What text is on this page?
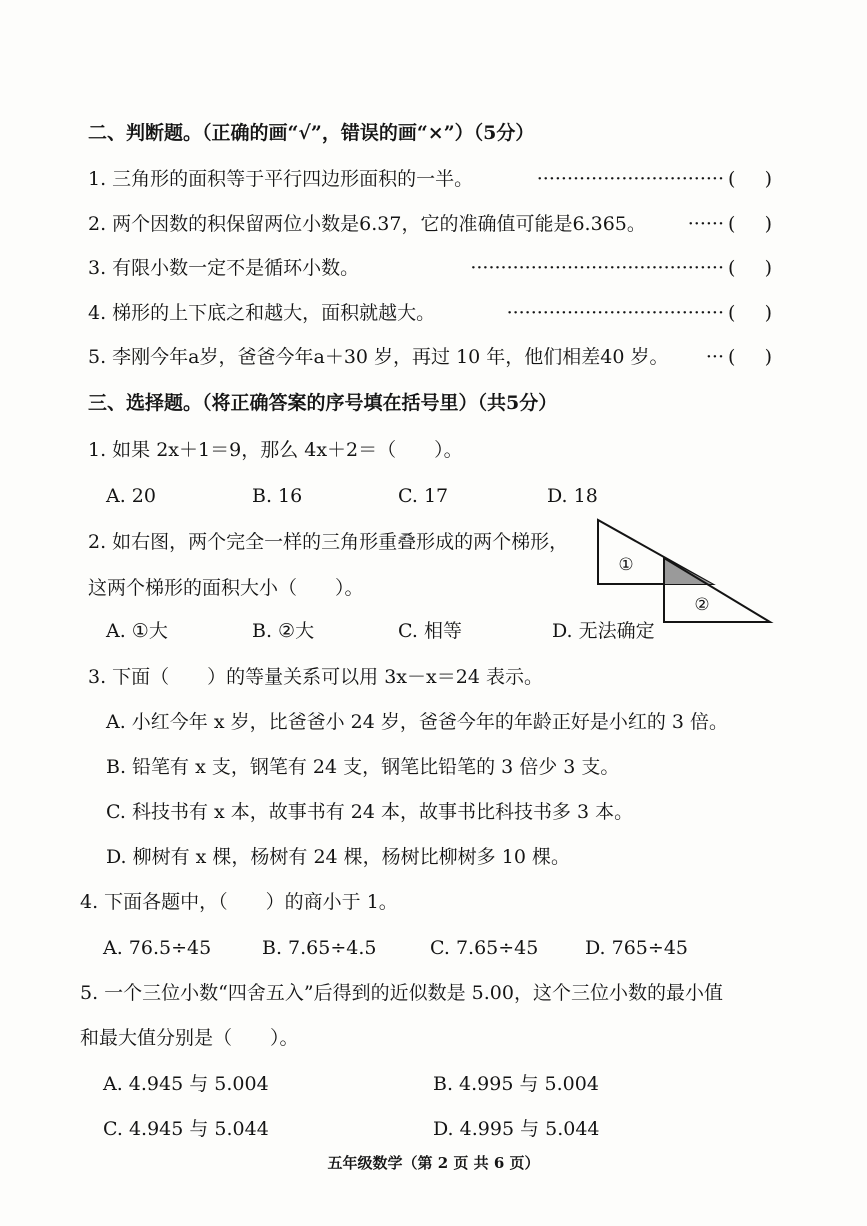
二、判断题。（正确的画“√”，错误的画“×”）（5分）
1. 三角形的面积等于平行四边形面积的一半。	······························· ( )
2. 两个因数的积保留两位小数是6.37，它的准确值可能是6.365。 ······ ( )
3. 有限小数一定不是循环小数。	·········································· ( )
4. 梯形的上下底之和越大，面积就越大。	···································· ( )
5. 李刚今年a岁，爸爸今年a＋30 岁，再过 10 年，他们相差40 岁。 ··· ( )
三、选择题。（将正确答案的序号填在括号里）（共5分）
1. 如果 2x＋1＝9，那么 4x＋2＝（　　）。
A. 20	B. 16	C. 17	D. 18
2. 如右图，两个完全一样的三角形重叠形成的两个梯形，
这两个梯形的面积大小（　　）。
①
②
A. ①大	B. ②大	C. 相等	D. 无法确定
3. 下面（　　）的等量关系可以用 3x－x＝24 表示。
A. 小红今年 x 岁，比爸爸小 24 岁，爸爸今年的年龄正好是小红的 3 倍。
B. 铅笔有 x 支，钢笔有 24 支，钢笔比铅笔的 3 倍少 3 支。
C. 科技书有 x 本，故事书有 24 本，故事书比科技书多 3 本。
D. 柳树有 x 棵，杨树有 24 棵，杨树比柳树多 10 棵。
4. 下面各题中，（　　）的商小于 1。
A. 76.5÷45	B. 7.65÷4.5	C. 7.65÷45 D. 765÷45
5. 一个三位小数“四舍五入”后得到的近似数是 5.00，这个三位小数的最小值
和最大值分别是（　　）。
A. 4.945 与 5.004	B. 4.995 与 5.004
C. 4.945 与 5.044	D. 4.995 与 5.044
五年级数学（第 2 页 共 6 页）
